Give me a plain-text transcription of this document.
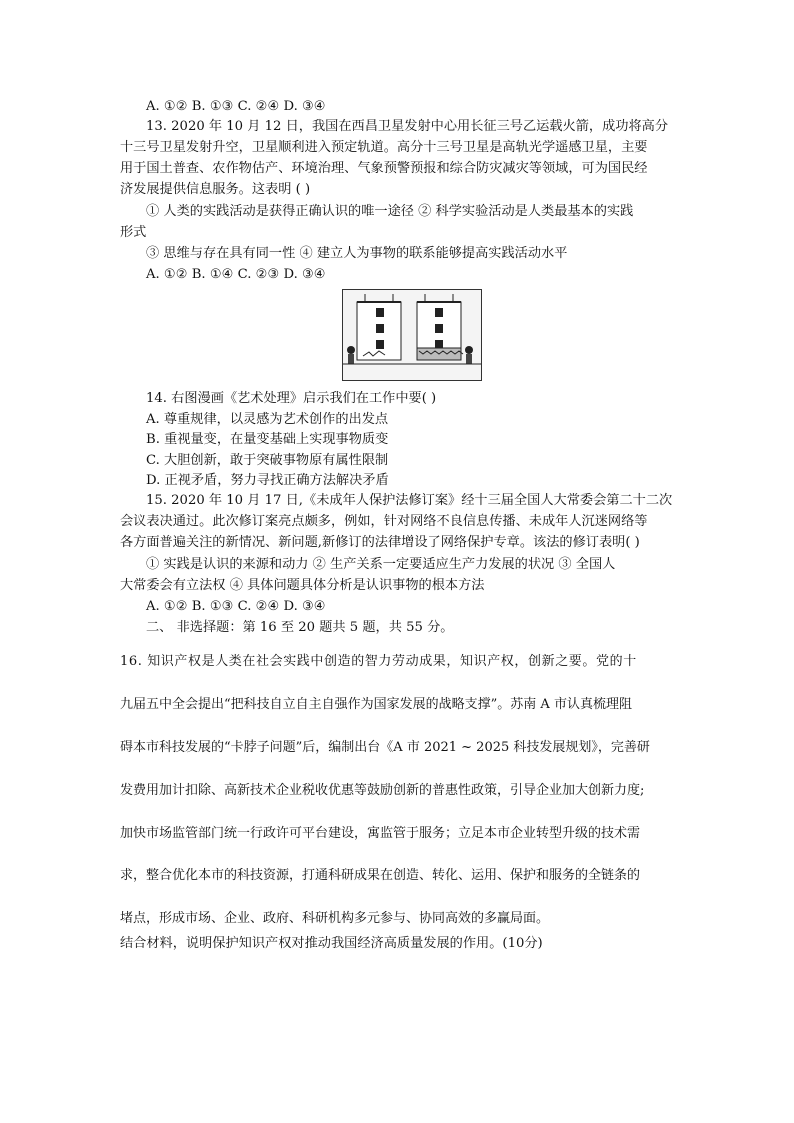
A. ①② B. ①③ C. ②④ D. ③④
13. 2020 年 10 月 12 日，我国在西昌卫星发射中心用长征三号乙运载火箭，成功将高分
十三号卫星发射升空，卫星顺利进入预定轨道。高分十三号卫星是高轨光学遥感卫星，主要
用于国土普查、农作物估产、环境治理、气象预警预报和综合防灾减灾等领域，可为国民经
济发展提供信息服务。这表明 ( )
① 人类的实践活动是获得正确认识的唯一途径 ② 科学实验活动是人类最基本的实践
形式
③ 思维与存在具有同一性 ④ 建立人为事物的联系能够提高实践活动水平
A. ①② B. ①④ C. ②③ D. ③④
14. 右图漫画《艺术处理》启示我们在工作中要( )
A. 尊重规律，以灵感为艺术创作的出发点
B. 重视量变，在量变基础上实现事物质变
C. 大胆创新，敢于突破事物原有属性限制
D. 正视矛盾，努力寻找正确方法解决矛盾
15. 2020 年 10 月 17 日,《未成年人保护法修订案》经十三届全国人大常委会第二十二次
会议表决通过。此次修订案亮点颇多，例如，针对网络不良信息传播、未成年人沉迷网络等
各方面普遍关注的新情况、新问题,新修订的法律增设了网络保护专章。该法的修订表明( )
① 实践是认识的来源和动力 ② 生产关系一定要适应生产力发展的状况 ③ 全国人
大常委会有立法权 ④ 具体问题具体分析是认识事物的根本方法
A. ①② B. ①③ C. ②④ D. ③④
二、 非选择题：第 16 至 20 题共 5 题，共 55 分。
16. 知识产权是人类在社会实践中创造的智力劳动成果，知识产权，创新之要。党的十
九届五中全会提出“把科技自立自主自强作为国家发展的战略支撑”。苏南 A 市认真梳理阻
碍本市科技发展的“卡脖子问题”后，编制出台《A 市 2021 ~ 2025 科技发展规划》，完善研
发费用加计扣除、高新技术企业税收优惠等鼓励创新的普惠性政策，引导企业加大创新力度;
加快市场监管部门统一行政许可平台建设，寓监管于服务；立足本市企业转型升级的技术需
求，整合优化本市的科技资源，打通科研成果在创造、转化、运用、保护和服务的全链条的
堵点，形成市场、企业、政府、科研机构多元参与、协同高效的多赢局面。
结合材料，说明保护知识产权对推动我国经济高质量发展的作用。(10分)
